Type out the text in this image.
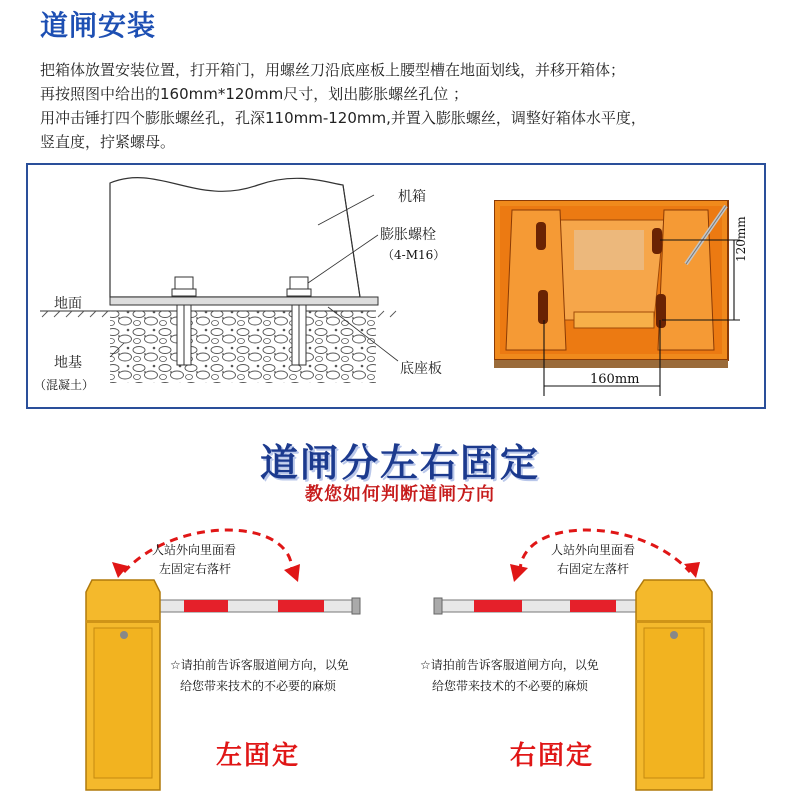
道闸安装
把箱体放置安装位置，打开箱门，用螺丝刀沿底座板上腰型槽在地面划线，并移开箱体；
再按照图中给出的160mm*120mm尺寸，划出膨胀螺丝孔位 ；
用冲击锤打四个膨胀螺丝孔，孔深110mm-120mm,并置入膨胀螺丝，调整好箱体水平度，
竖直度，拧紧螺母。
机箱
膨胀螺栓
（4-M16）
地面
地基
（混凝土）
底座板
120mm
160mm
道闸分左右固定
教您如何判断道闸方向
人站外向里面看
左固定右落杆
☆请拍前告诉客服道闸方向，以免
给您带来技术的不必要的麻烦
左固定
人站外向里面看
右固定左落杆
☆请拍前告诉客服道闸方向，以免
给您带来技术的不必要的麻烦
右固定
